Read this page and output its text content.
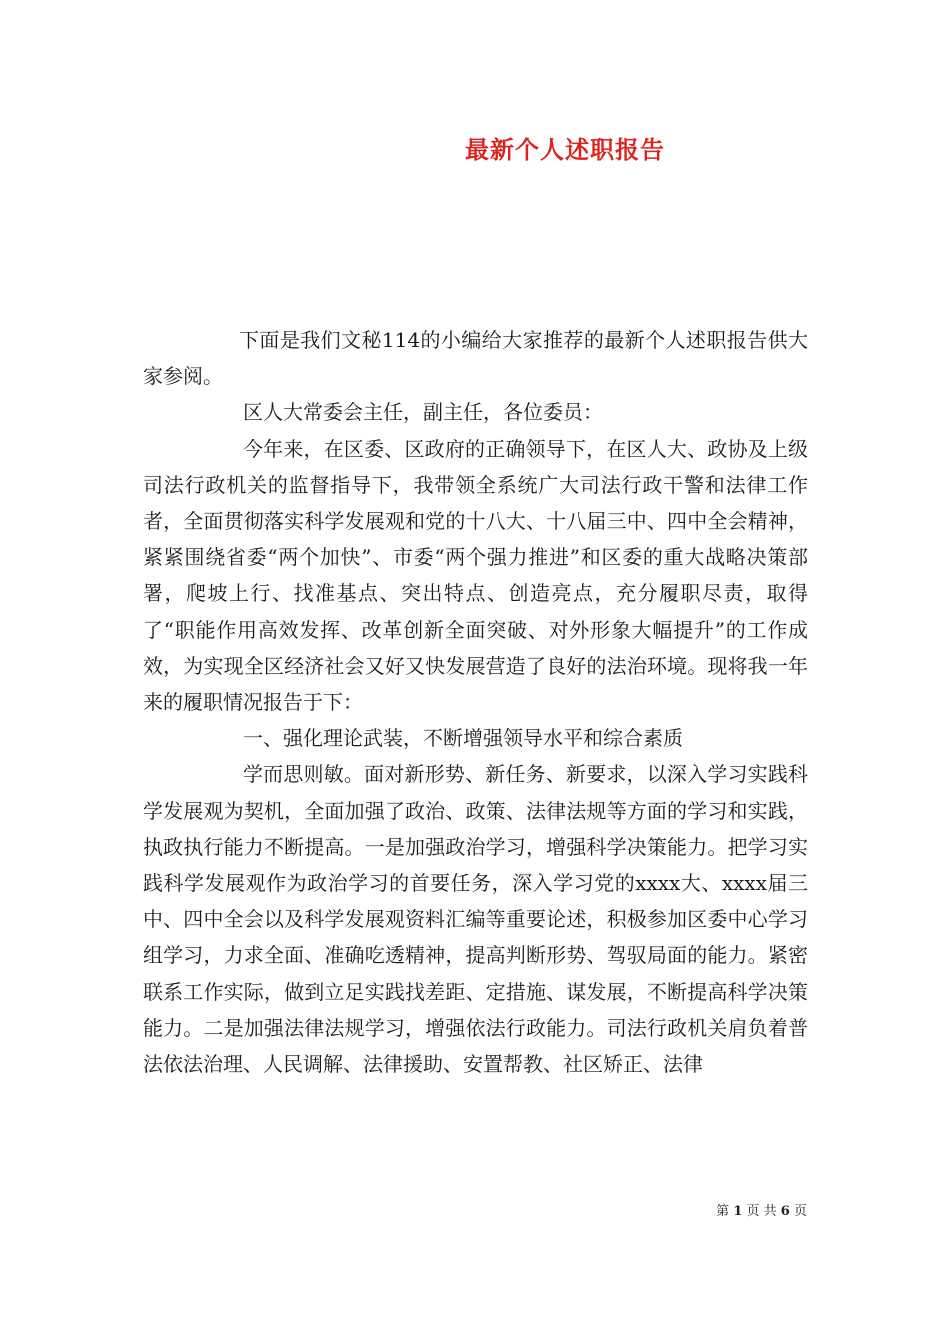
最新个人述职报告

下面是我们文秘114的小编给大家推荐的最新个人述职报告供大家参阅。

区人大常委会主任，副主任，各位委员：

今年来，在区委、区政府的正确领导下，在区人大、政协及上级司法行政机关的监督指导下，我带领全系统广大司法行政干警和法律工作者，全面贯彻落实科学发展观和党的十八大、十八届三中、四中全会精神，紧紧围绕省委“两个加快”、市委“两个强力推进”和区委的重大战略决策部署，爬坡上行、找准基点、突出特点、创造亮点，充分履职尽责，取得了“职能作用高效发挥、改革创新全面突破、对外形象大幅提升”的工作成效，为实现全区经济社会又好又快发展营造了良好的法治环境。现将我一年来的履职情况报告于下：

一、强化理论武装，不断增强领导水平和综合素质

学而思则敏。面对新形势、新任务、新要求，以深入学习实践科学发展观为契机，全面加强了政治、政策、法律法规等方面的学习和实践，执政执行能力不断提高。一是加强政治学习，增强科学决策能力。把学习实践科学发展观作为政治学习的首要任务，深入学习党的xxxx大、xxxx届三中、四中全会以及科学发展观资料汇编等重要论述，积极参加区委中心学习组学习，力求全面、准确吃透精神，提高判断形势、驾驭局面的能力。紧密联系工作实际，做到立足实践找差距、定措施、谋发展，不断提高科学决策能力。二是加强法律法规学习，增强依法行政能力。司法行政机关肩负着普法依法治理、人民调解、法律援助、安置帮教、社区矫正、法律

第 1 页 共 6 页
